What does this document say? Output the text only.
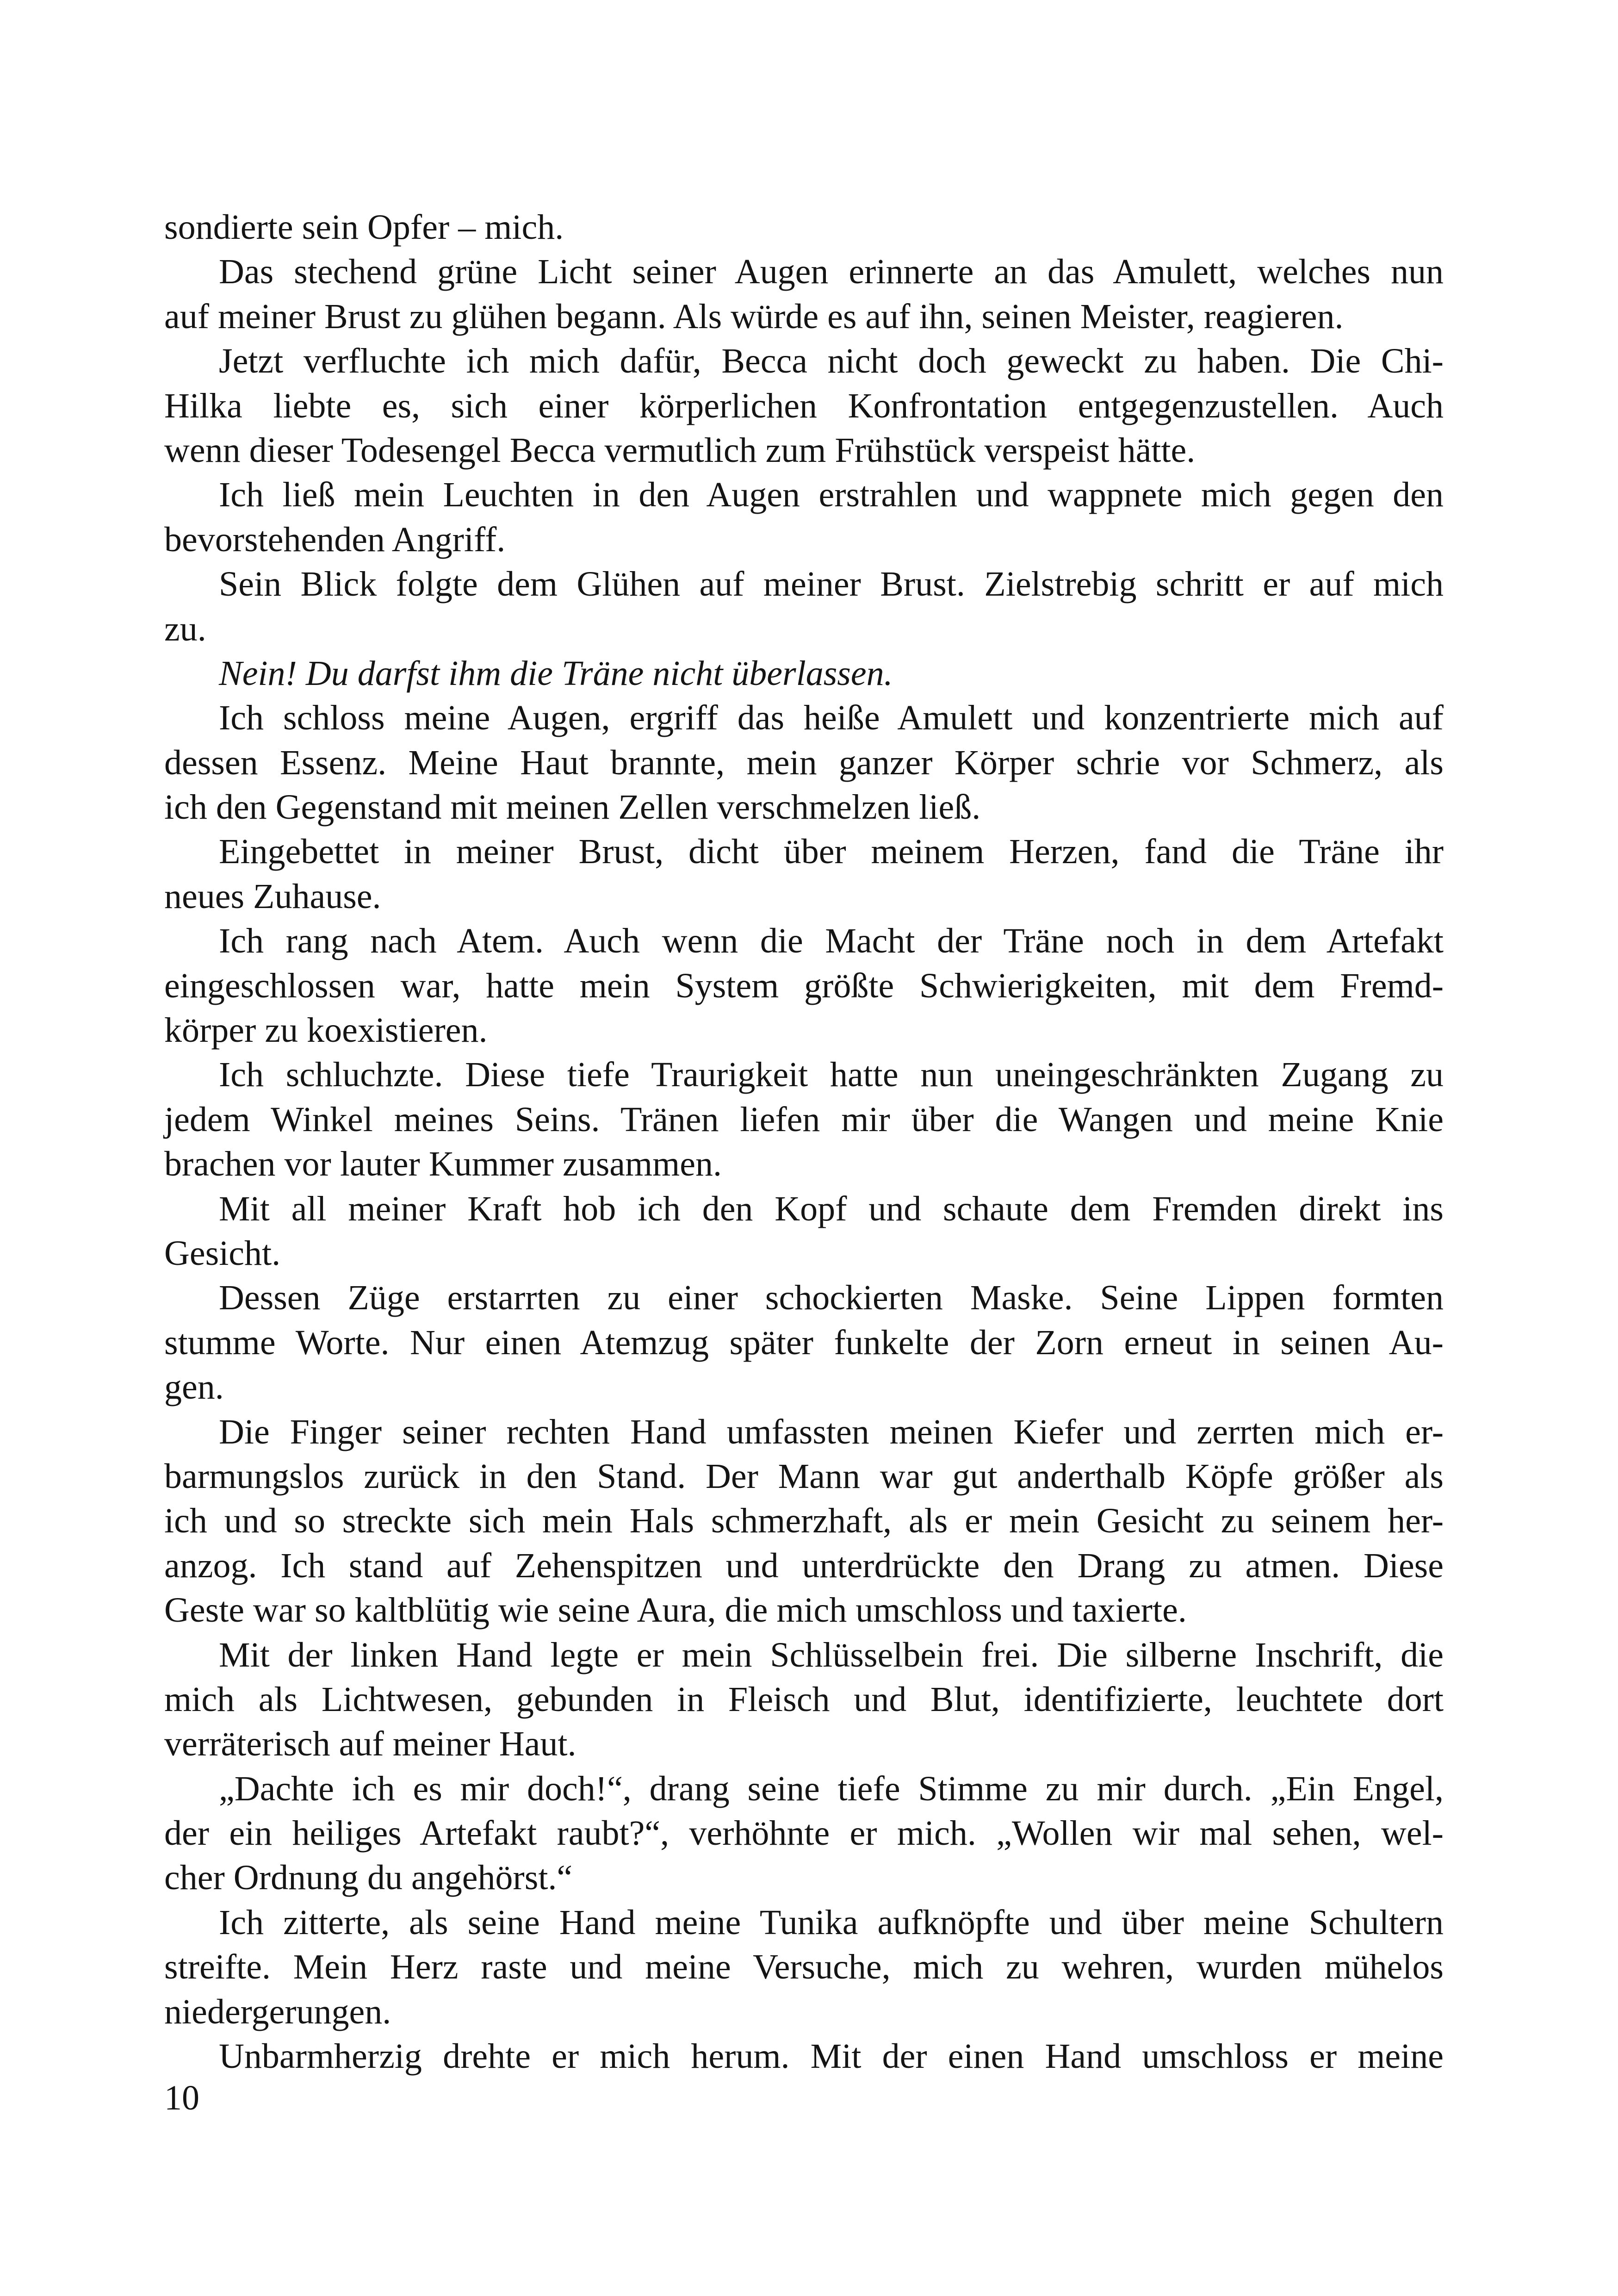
sondierte sein Opfer – mich.
Das stechend grüne Licht seiner Augen erinnerte an das Amulett, welches nun
auf meiner Brust zu glühen begann. Als würde es auf ihn, seinen Meister, reagieren.
Jetzt verfluchte ich mich dafür, Becca nicht doch geweckt zu haben. Die Chi-
Hilka liebte es, sich einer körperlichen Konfrontation entgegenzustellen. Auch
wenn dieser Todesengel Becca vermutlich zum Frühstück verspeist hätte.
Ich ließ mein Leuchten in den Augen erstrahlen und wappnete mich gegen den
bevorstehenden Angriff.
Sein Blick folgte dem Glühen auf meiner Brust. Zielstrebig schritt er auf mich
zu.
Nein! Du darfst ihm die Träne nicht überlassen.
Ich schloss meine Augen, ergriff das heiße Amulett und konzentrierte mich auf
dessen Essenz. Meine Haut brannte, mein ganzer Körper schrie vor Schmerz, als
ich den Gegenstand mit meinen Zellen verschmelzen ließ.
Eingebettet in meiner Brust, dicht über meinem Herzen, fand die Träne ihr
neues Zuhause.
Ich rang nach Atem. Auch wenn die Macht der Träne noch in dem Artefakt
eingeschlossen war, hatte mein System größte Schwierigkeiten, mit dem Fremd-
körper zu koexistieren.
Ich schluchzte. Diese tiefe Traurigkeit hatte nun uneingeschränkten Zugang zu
jedem Winkel meines Seins. Tränen liefen mir über die Wangen und meine Knie
brachen vor lauter Kummer zusammen.
Mit all meiner Kraft hob ich den Kopf und schaute dem Fremden direkt ins
Gesicht.
Dessen Züge erstarrten zu einer schockierten Maske. Seine Lippen formten
stumme Worte. Nur einen Atemzug später funkelte der Zorn erneut in seinen Au-
gen.
Die Finger seiner rechten Hand umfassten meinen Kiefer und zerrten mich er-
barmungslos zurück in den Stand. Der Mann war gut anderthalb Köpfe größer als
ich und so streckte sich mein Hals schmerzhaft, als er mein Gesicht zu seinem her-
anzog. Ich stand auf Zehenspitzen und unterdrückte den Drang zu atmen. Diese
Geste war so kaltblütig wie seine Aura, die mich umschloss und taxierte.
Mit der linken Hand legte er mein Schlüsselbein frei. Die silberne Inschrift, die
mich als Lichtwesen, gebunden in Fleisch und Blut, identifizierte, leuchtete dort
verräterisch auf meiner Haut.
„Dachte ich es mir doch!“, drang seine tiefe Stimme zu mir durch. „Ein Engel,
der ein heiliges Artefakt raubt?“, verhöhnte er mich. „Wollen wir mal sehen, wel-
cher Ordnung du angehörst.“
Ich zitterte, als seine Hand meine Tunika aufknöpfte und über meine Schultern
streifte. Mein Herz raste und meine Versuche, mich zu wehren, wurden mühelos
niedergerungen.
Unbarmherzig drehte er mich herum. Mit der einen Hand umschloss er meine
10
